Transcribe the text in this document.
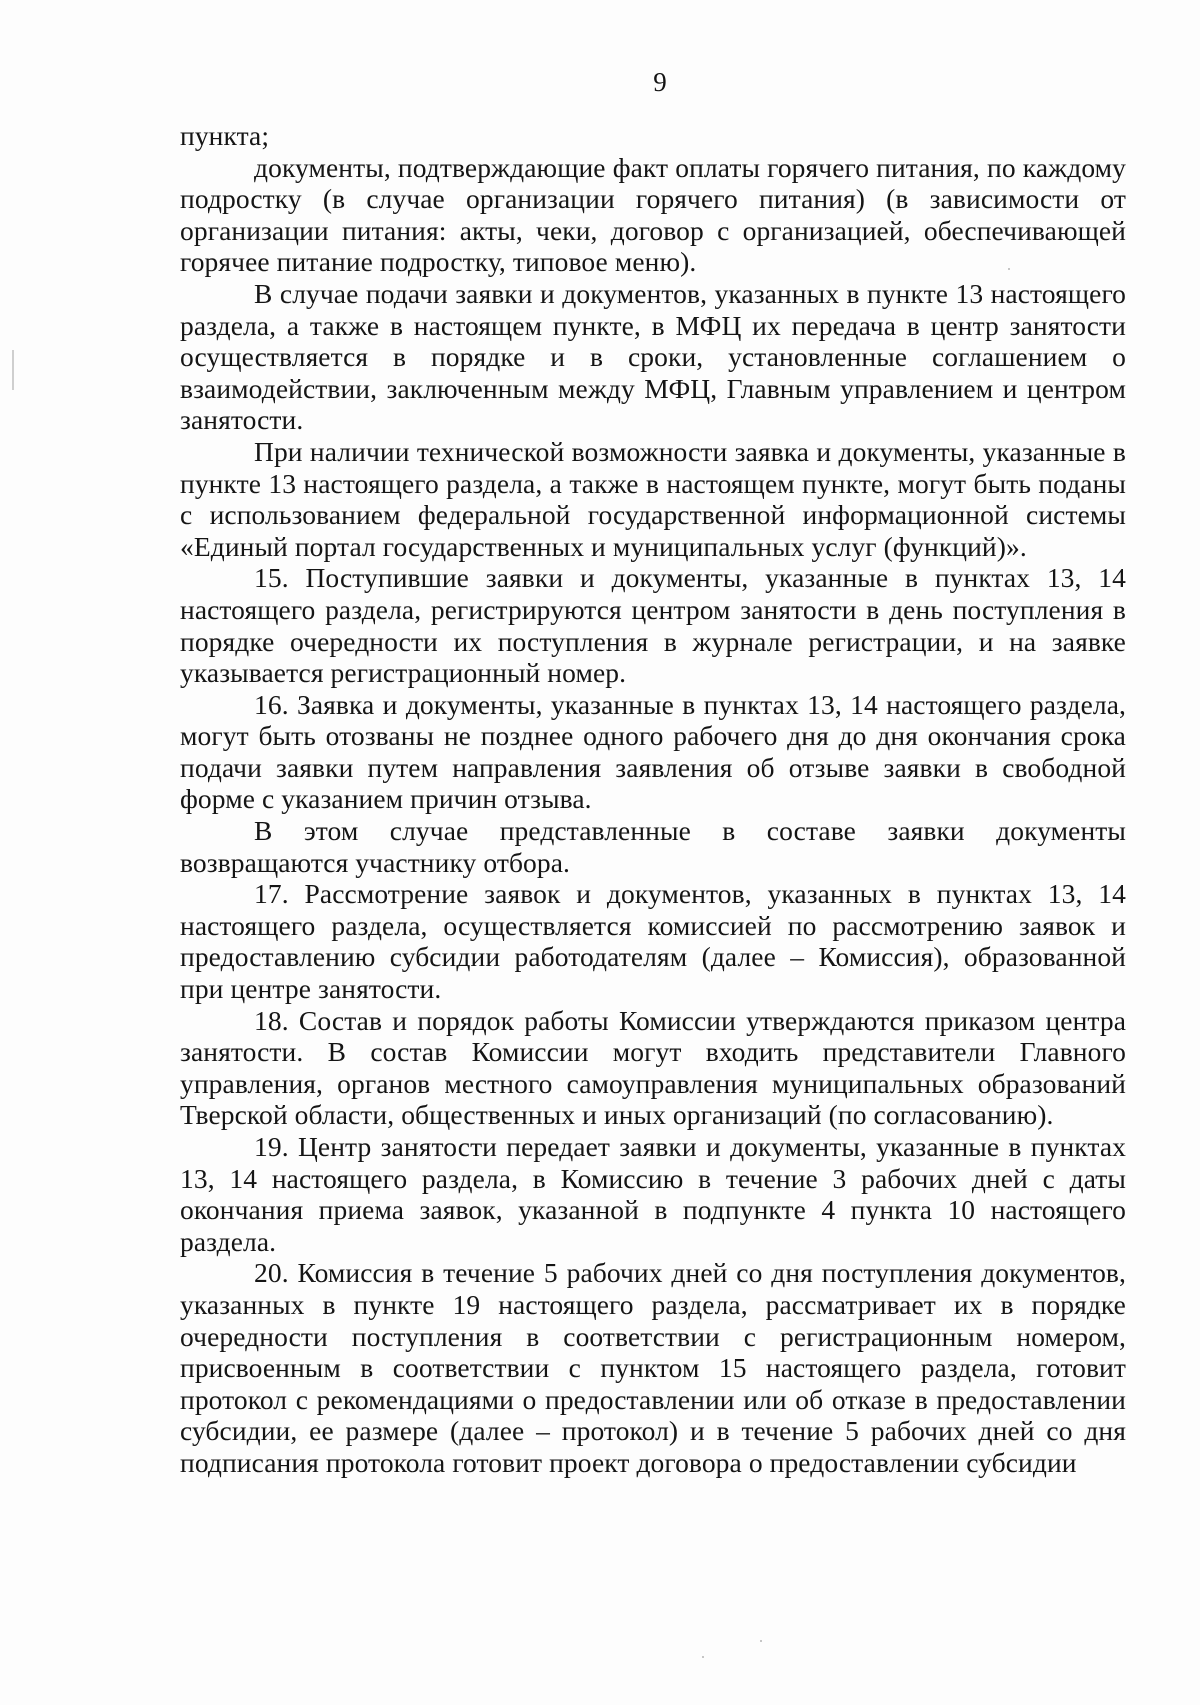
9

пункта;

документы, подтверждающие факт оплаты горячего питания, по каждому подростку (в случае организации горячего питания) (в зависимости от организации питания: акты, чеки, договор с организацией, обеспечивающей горячее питание подростку, типовое меню).

В случае подачи заявки и документов, указанных в пункте 13 настоящего раздела, а также в настоящем пункте, в МФЦ их передача в центр занятости осуществляется в порядке и в сроки, установленные соглашением о взаимодействии, заключенным между МФЦ, Главным управлением и центром занятости.

При наличии технической возможности заявка и документы, указанные в пункте 13 настоящего раздела, а также в настоящем пункте, могут быть поданы с использованием федеральной государственной информационной системы «Единый портал государственных и муниципальных услуг (функций)».

15. Поступившие заявки и документы, указанные в пунктах 13, 14 настоящего раздела, регистрируются центром занятости в день поступления в порядке очередности их поступления в журнале регистрации, и на заявке указывается регистрационный номер.

16. Заявка и документы, указанные в пунктах 13, 14 настоящего раздела, могут быть отозваны не позднее одного рабочего дня до дня окончания срока подачи заявки путем направления заявления об отзыве заявки в свободной форме с указанием причин отзыва.

В этом случае представленные в составе заявки документы возвращаются участнику отбора.

17. Рассмотрение заявок и документов, указанных в пунктах 13, 14 настоящего раздела, осуществляется комиссией по рассмотрению заявок и предоставлению субсидии работодателям (далее – Комиссия), образованной при центре занятости.

18. Состав и порядок работы Комиссии утверждаются приказом центра занятости. В состав Комиссии могут входить представители Главного управления, органов местного самоуправления муниципальных образований Тверской области, общественных и иных организаций (по согласованию).

19. Центр занятости передает заявки и документы, указанные в пунктах 13, 14 настоящего раздела, в Комиссию в течение 3 рабочих дней с даты окончания приема заявок, указанной в подпункте 4 пункта 10 настоящего раздела.

20. Комиссия в течение 5 рабочих дней со дня поступления документов, указанных в пункте 19 настоящего раздела, рассматривает их в порядке очередности поступления в соответствии с регистрационным номером, присвоенным в соответствии с пунктом 15 настоящего раздела, готовит протокол с рекомендациями о предоставлении или об отказе в предоставлении субсидии, ее размере (далее – протокол) и в течение 5 рабочих дней со дня подписания протокола готовит проект договора о предоставлении субсидии
